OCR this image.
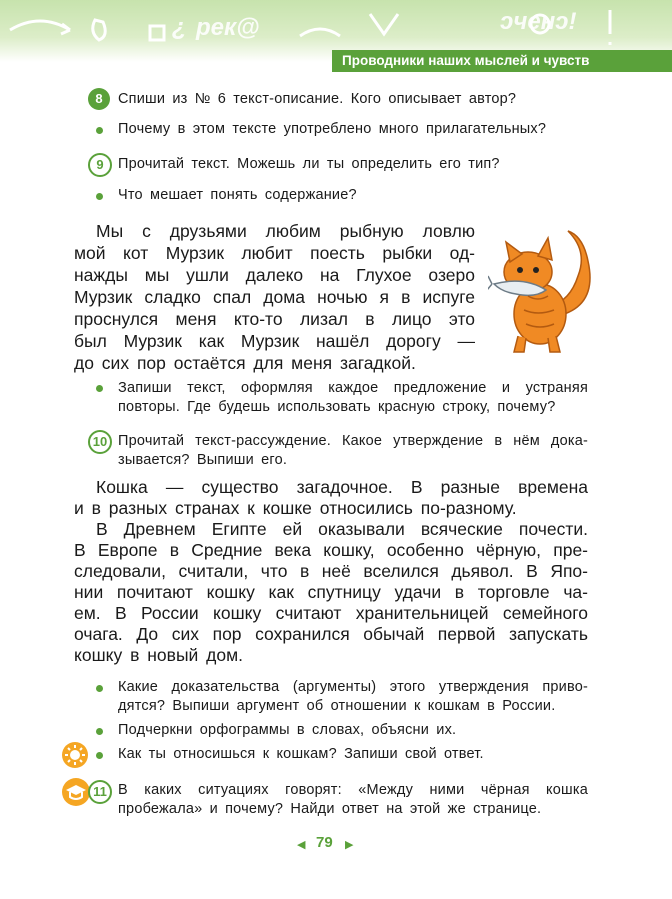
¿ рек@	ɔчeнɔ!
Проводники наших мыслей и чувств
8	Спиши из № 6 текст-описание. Кого описывает автор?
Почему в этом тексте употреблено много прилагательных?
9 Прочитай текст. Можешь ли ты определить его тип?
Что мешает понять содержание?
Мы с друзьями любим рыбную ловлю
мой кот Мурзик любит поесть рыбки од-
нажды мы ушли далеко на Глухое озеро
Мурзик сладко спал дома ночью я в испуге
проснулся меня кто-то лизал в лицо это
был Мурзик как Мурзик нашёл дорогу —
до сих пор остаётся для меня загадкой.
Запиши текст, оформляя каждое предложение и устраняя
повторы. Где будешь использовать красную строку, почему?
10 Прочитай текст-рассуждение. Какое утверждение в нём дока-
зывается? Выпиши его.
Кошка — существо загадочное. В разные времена
и в разных странах к кошке относились по-разному.
В Древнем Египте ей оказывали всяческие почести.
В Европе в Средние века кошку, особенно чёрную, пре-
следовали, считали, что в неё вселился дьявол. В Япо-
нии почитают кошку как спутницу удачи в торговле ча-
ем. В России кошку считают хранительницей семейного
очага. До сих пор сохранился обычай первой запускать
кошку в новый дом.
Какие доказательства (аргументы) этого утверждения приво-
дятся? Выпиши аргумент об отношении к кошкам в России.
Подчеркни орфограммы в словах, объясни их.
Как ты относишься к кошкам? Запиши свой ответ.
11 В каких ситуациях говорят: «Между ними чёрная кошка
пробежала» и почему? Найди ответ на этой же странице.
◀ 79 ▶
